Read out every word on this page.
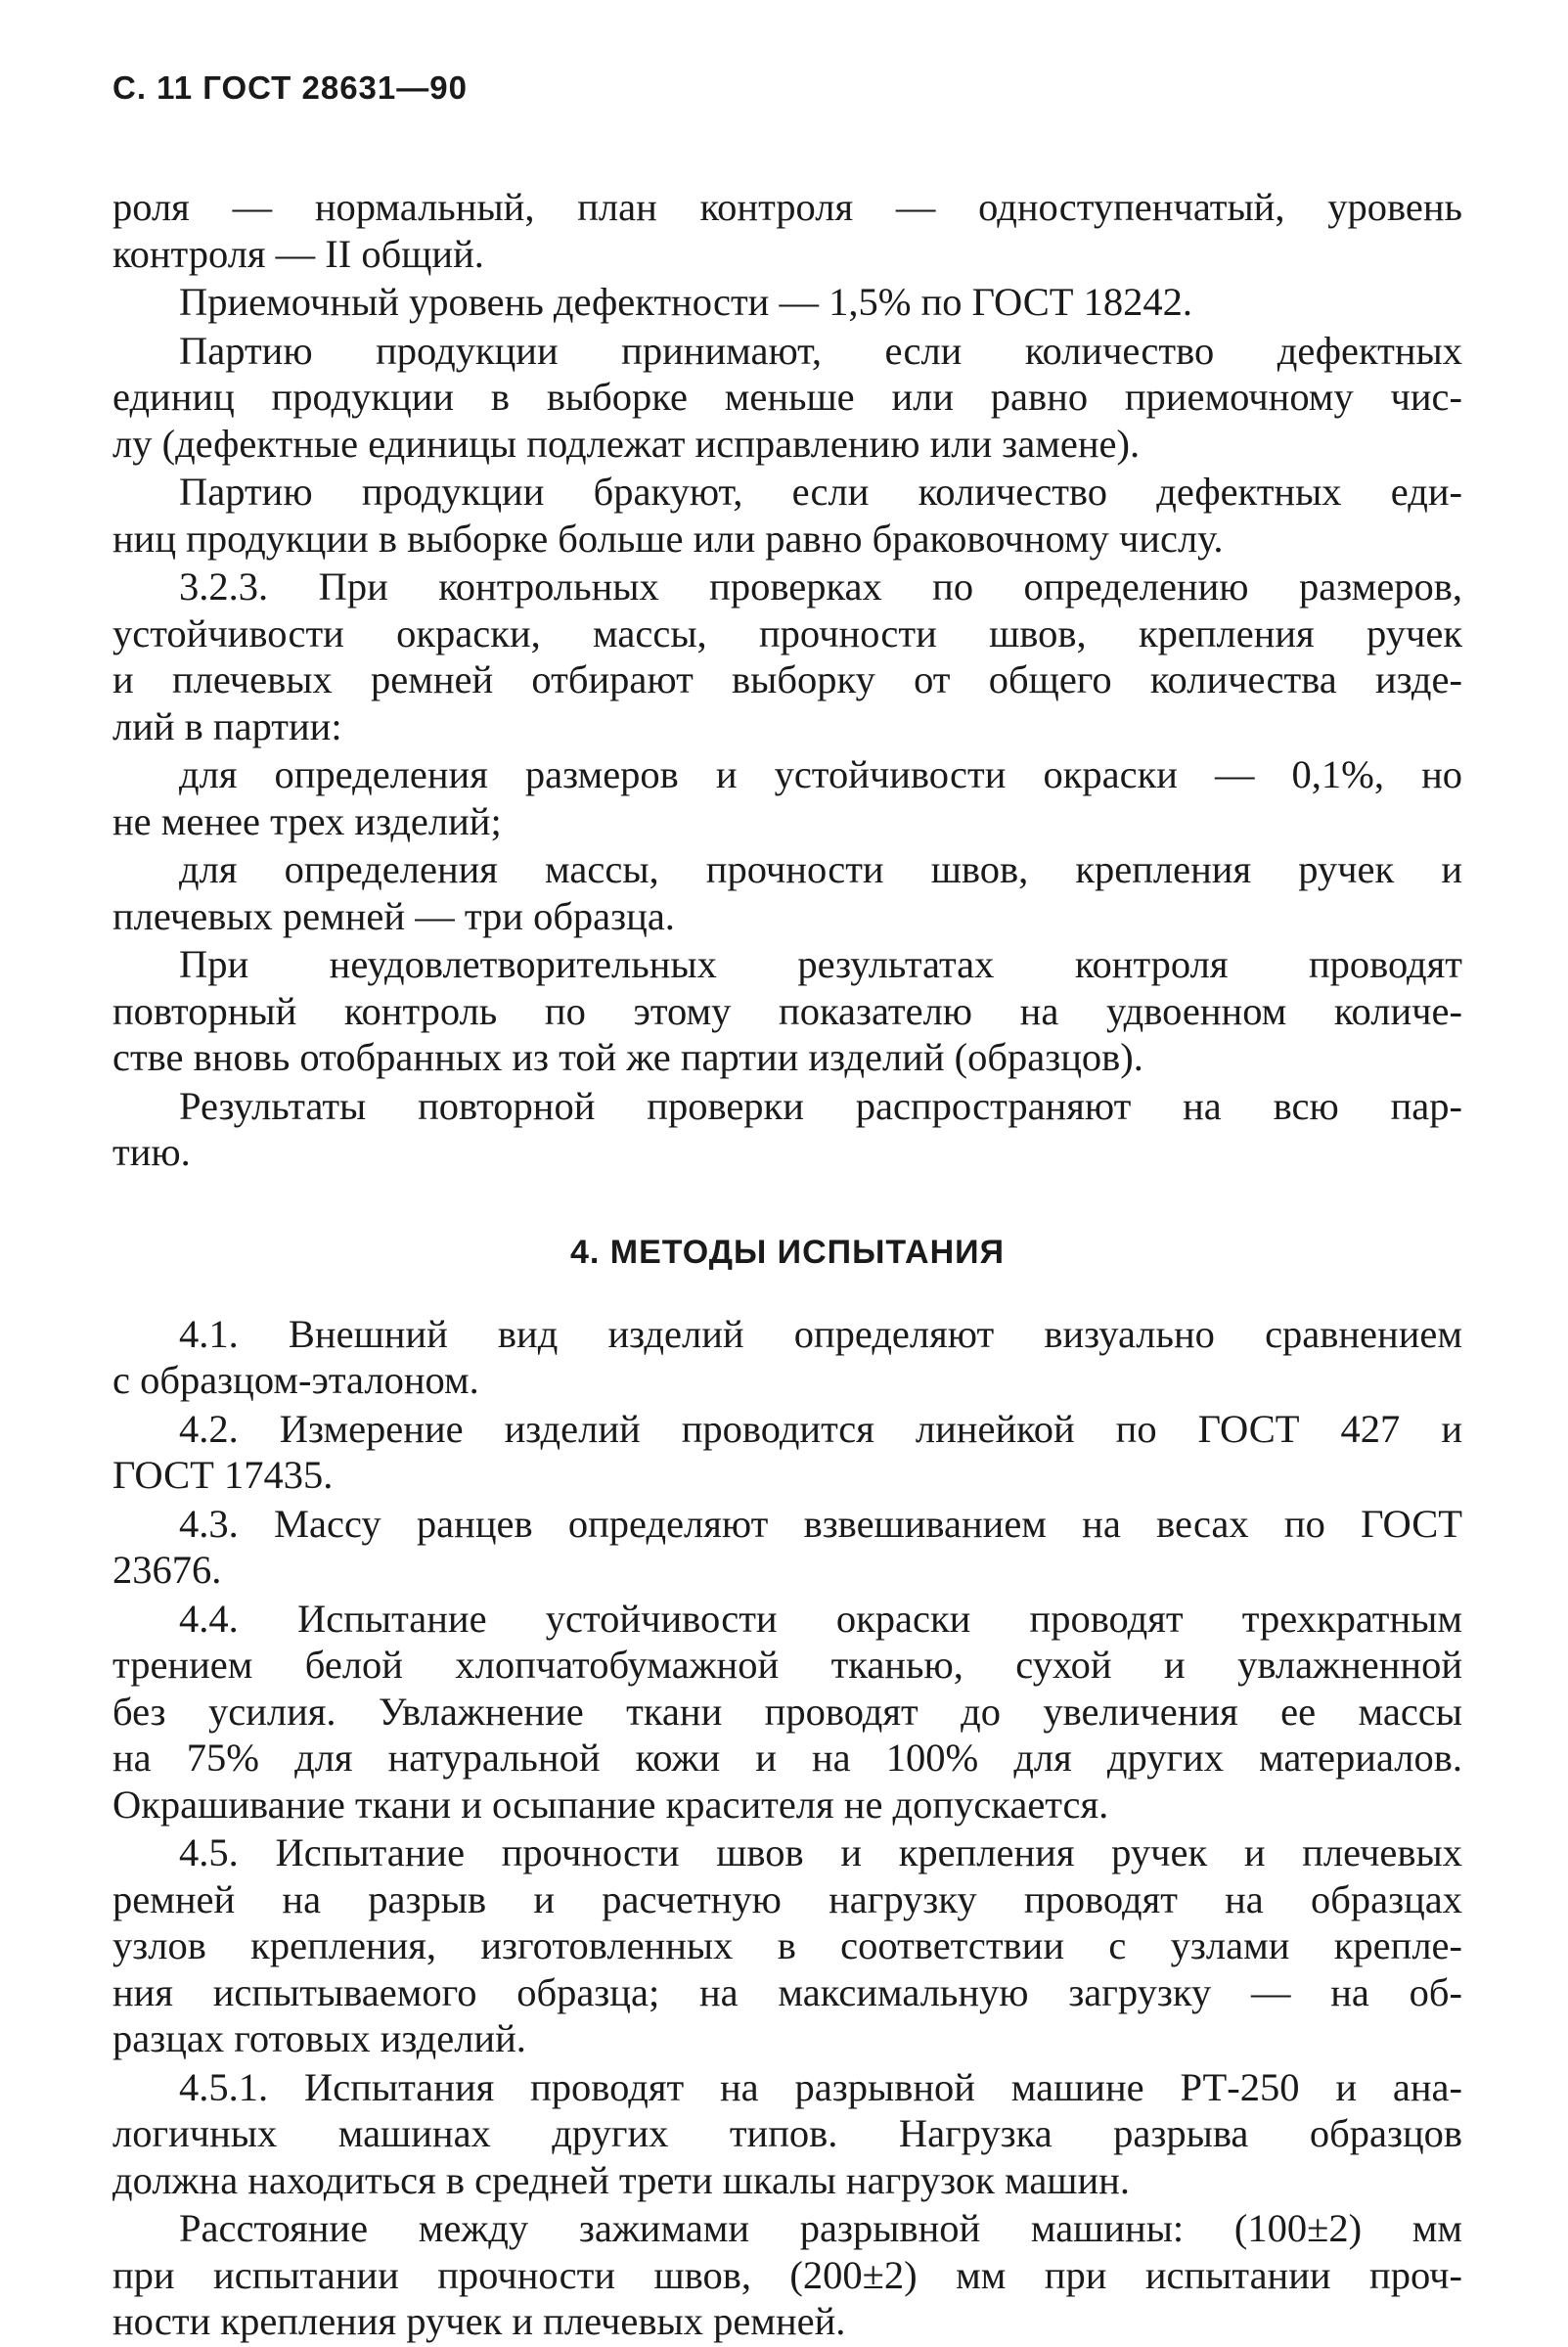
С. 11 ГОСТ 28631—90
роля — нормальный, план контроля — одноступенчатый, уровень
контроля — II общий.
Приемочный уровень дефектности — 1,5% по ГОСТ 18242.
Партию продукции принимают, если количество дефектных
единиц продукции в выборке меньше или равно приемочному чис-
лу (дефектные единицы подлежат исправлению или замене).
Партию продукции бракуют, если количество дефектных еди-
ниц продукции в выборке больше или равно браковочному числу.
3.2.3. При контрольных проверках по определению размеров,
устойчивости окраски, массы, прочности швов, крепления ручек
и плечевых ремней отбирают выборку от общего количества изде-
лий в партии:
для определения размеров и устойчивости окраски — 0,1%, но
не менее трех изделий;
для определения массы, прочности швов, крепления ручек и
плечевых ремней — три образца.
При неудовлетворительных результатах контроля проводят
повторный контроль по этому показателю на удвоенном количе-
стве вновь отобранных из той же партии изделий (образцов).
Результаты повторной проверки распространяют на всю пар-
тию.
4. МЕТОДЫ ИСПЫТАНИЯ
4.1. Внешний вид изделий определяют визуально сравнением
с образцом-эталоном.
4.2. Измерение изделий проводится линейкой по ГОСТ 427 и
ГОСТ 17435.
4.3. Массу ранцев определяют взвешиванием на весах по ГОСТ
23676.
4.4. Испытание устойчивости окраски проводят трехкратным
трением белой хлопчатобумажной тканью, сухой и увлажненной
без усилия. Увлажнение ткани проводят до увеличения ее массы
на 75% для натуральной кожи и на 100% для других материалов.
Окрашивание ткани и осыпание красителя не допускается.
4.5. Испытание прочности швов и крепления ручек и плечевых
ремней на разрыв и расчетную нагрузку проводят на образцах
узлов крепления, изготовленных в соответствии с узлами крепле-
ния испытываемого образца; на максимальную загрузку — на об-
разцах готовых изделий.
4.5.1. Испытания проводят на разрывной машине РТ-250 и ана-
логичных машинах других типов. Нагрузка разрыва образцов
должна находиться в средней трети шкалы нагрузок машин.
Расстояние между зажимами разрывной машины: (100±2) мм
при испытании прочности швов, (200±2) мм при испытании проч-
ности крепления ручек и плечевых ремней.
